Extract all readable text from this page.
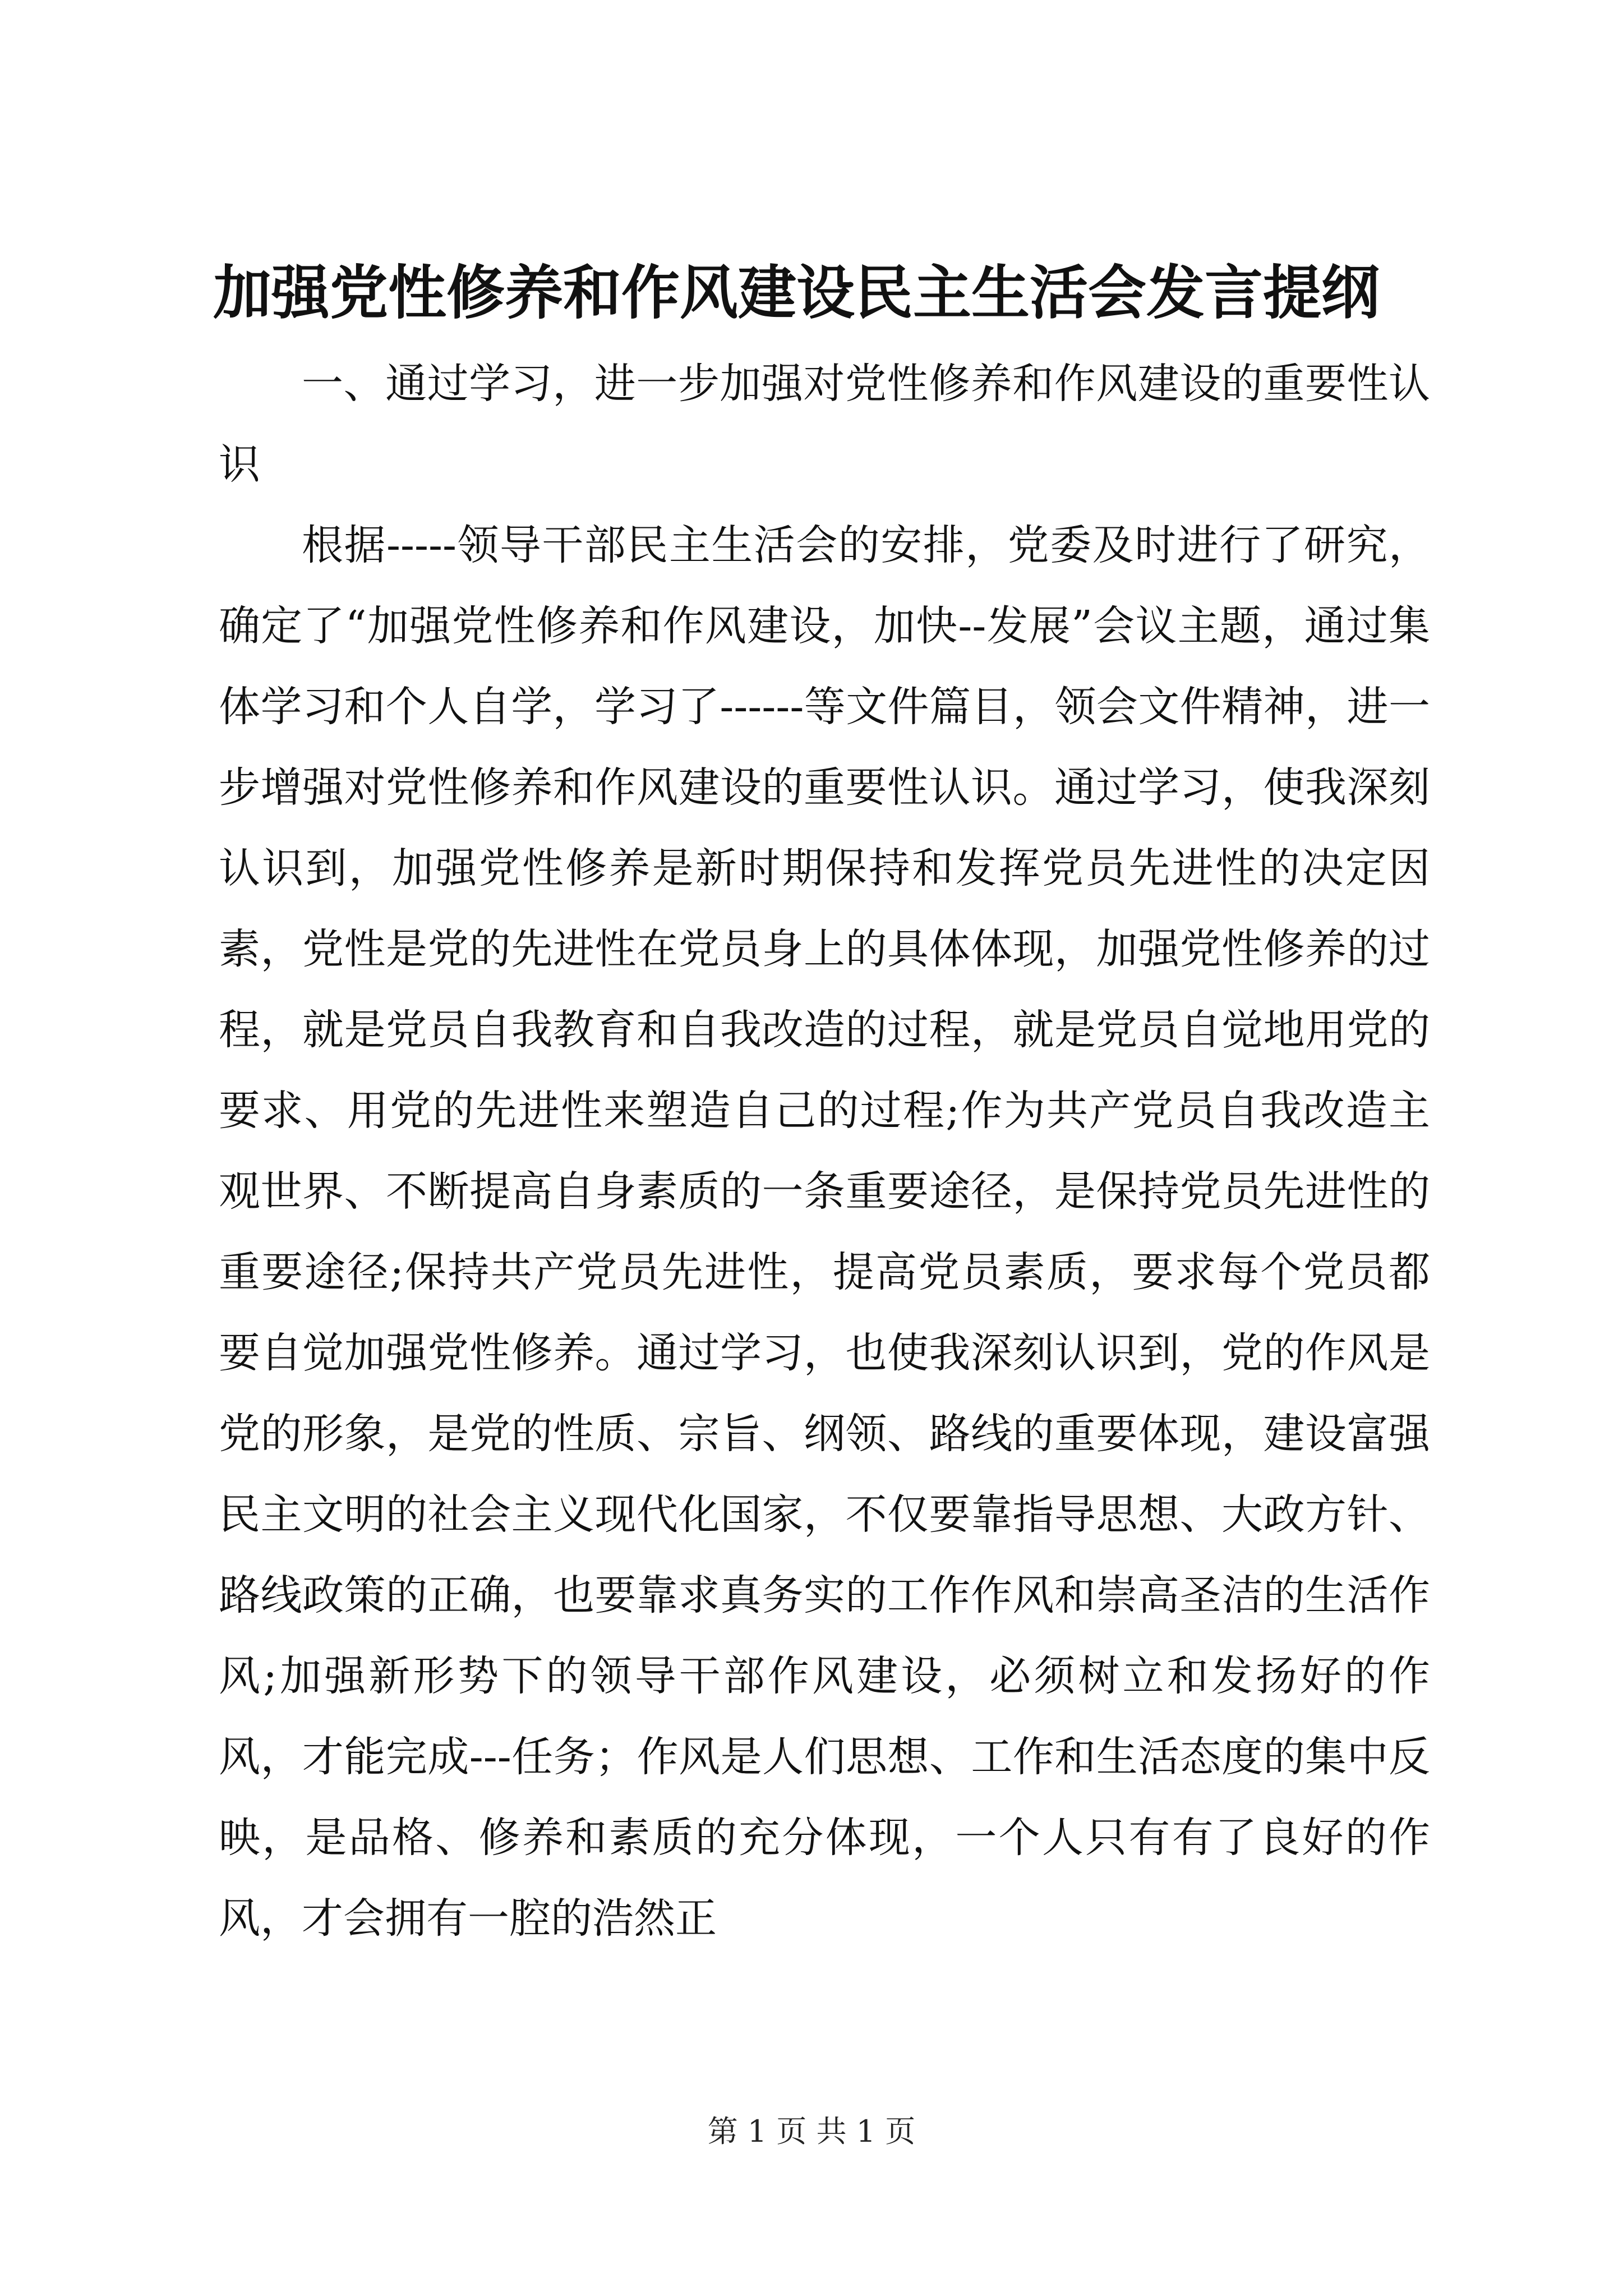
加强党性修养和作风建设民主生活会发言提纲

一、通过学习，进一步加强对党性修养和作风建设的重要性认识

根据-----领导干部民主生活会的安排，党委及时进行了研究，确定了“加强党性修养和作风建设，加快--发展”会议主题，通过集体学习和个人自学，学习了------等文件篇目，领会文件精神，进一步增强对党性修养和作风建设的重要性认识。通过学习，使我深刻认识到，加强党性修养是新时期保持和发挥党员先进性的决定因素，党性是党的先进性在党员身上的具体体现，加强党性修养的过程，就是党员自我教育和自我改造的过程，就是党员自觉地用党的要求、用党的先进性来塑造自己的过程;作为共产党员自我改造主观世界、不断提高自身素质的一条重要途径，是保持党员先进性的重要途径;保持共产党员先进性，提高党员素质，要求每个党员都要自觉加强党性修养。通过学习，也使我深刻认识到，党的作风是党的形象，是党的性质、宗旨、纲领、路线的重要体现，建设富强民主文明的社会主义现代化国家，不仅要靠指导思想、大政方针、路线政策的正确，也要靠求真务实的工作作风和崇高圣洁的生活作风;加强新形势下的领导干部作风建设，必须树立和发扬好的作风，才能完成---任务；作风是人们思想、工作和生活态度的集中反映，是品格、修养和素质的充分体现，一个人只有有了良好的作风，才会拥有一腔的浩然正

第 1 页 共 1 页
